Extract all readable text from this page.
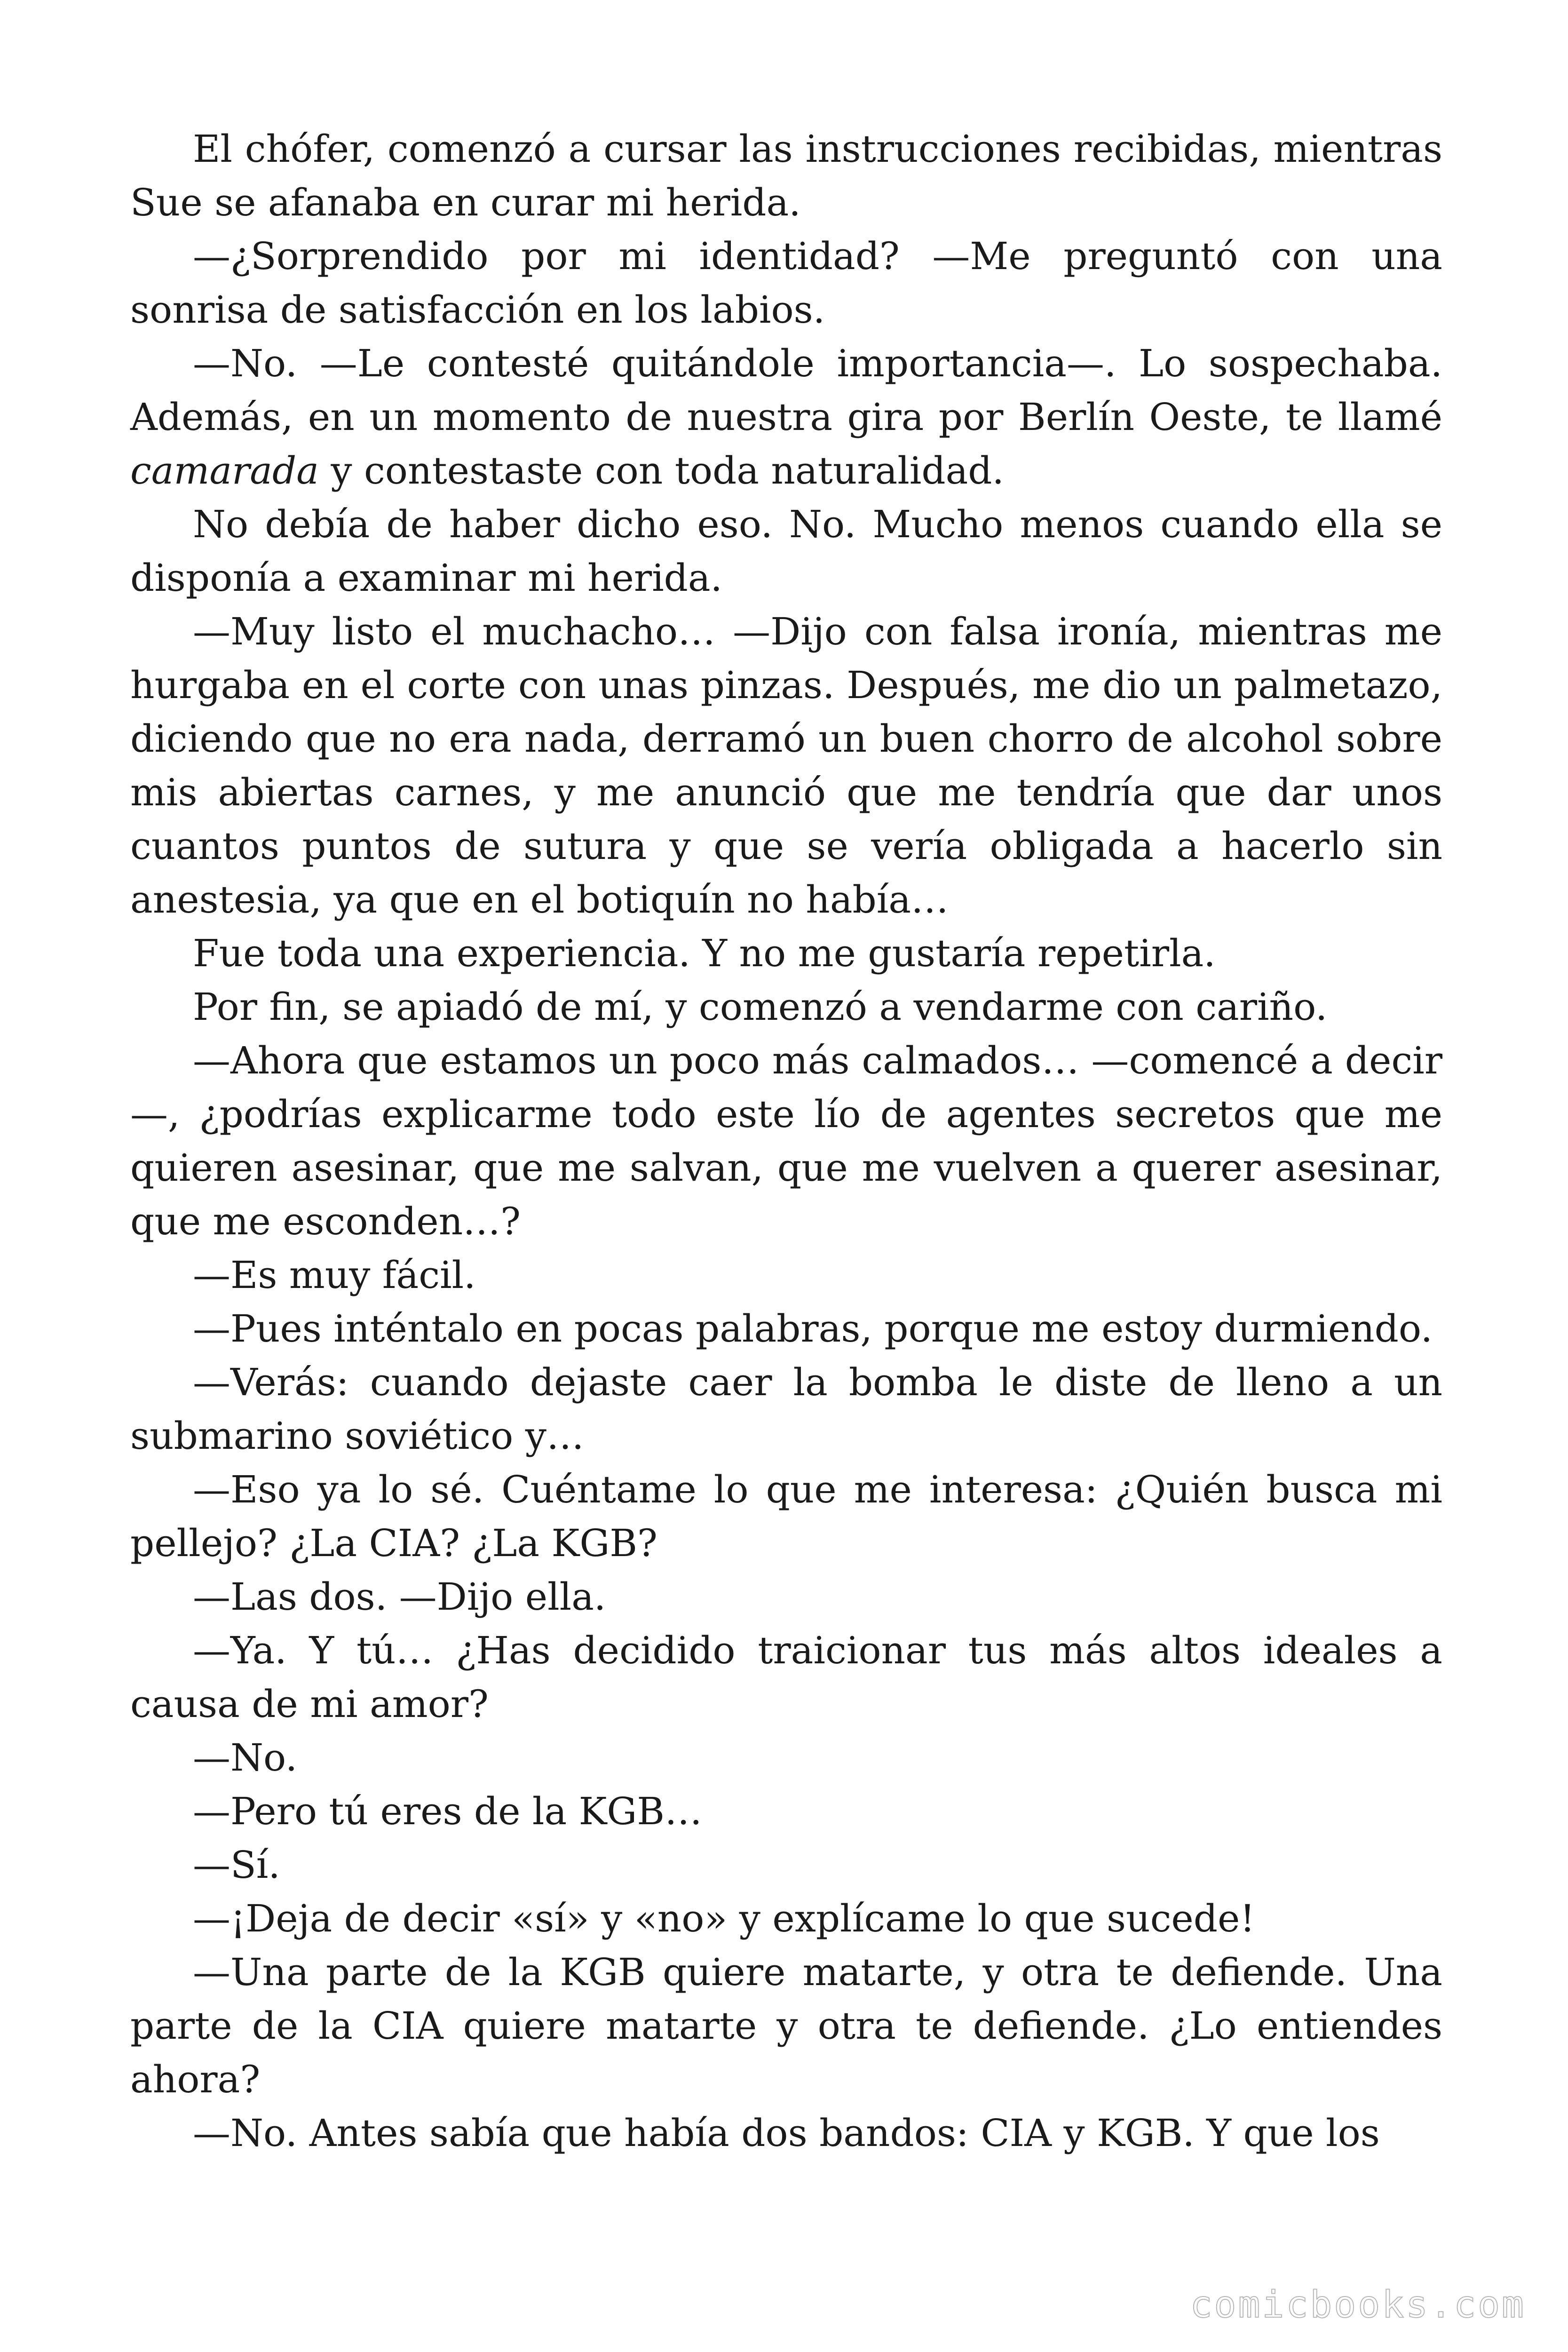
El chófer, comenzó a cursar las instrucciones recibidas, mientras Sue se afanaba en curar mi herida.

—¿Sorprendido por mi identidad? —Me preguntó con una sonrisa de satisfacción en los labios.

—No. —Le contesté quitándole importancia—. Lo sospechaba. Además, en un momento de nuestra gira por Berlín Oeste, te llamé camarada y contestaste con toda naturalidad.

No debía de haber dicho eso. No. Mucho menos cuando ella se disponía a examinar mi herida.

—Muy listo el muchacho… —Dijo con falsa ironía, mientras me hurgaba en el corte con unas pinzas. Después, me dio un palmetazo, diciendo que no era nada, derramó un buen chorro de alcohol sobre mis abiertas carnes, y me anunció que me tendría que dar unos cuantos puntos de sutura y que se vería obligada a hacerlo sin anestesia, ya que en el botiquín no había…

Fue toda una experiencia. Y no me gustaría repetirla.

Por fin, se apiadó de mí, y comenzó a vendarme con cariño.

—Ahora que estamos un poco más calmados… —comencé a decir—, ¿podrías explicarme todo este lío de agentes secretos que me quieren asesinar, que me salvan, que me vuelven a querer asesinar, que me esconden…?

—Es muy fácil.

—Pues inténtalo en pocas palabras, porque me estoy durmiendo.

—Verás: cuando dejaste caer la bomba le diste de lleno a un submarino soviético y…

—Eso ya lo sé. Cuéntame lo que me interesa: ¿Quién busca mi pellejo? ¿La CIA? ¿La KGB?

—Las dos. —Dijo ella.

—Ya. Y tú… ¿Has decidido traicionar tus más altos ideales a causa de mi amor?

—No.

—Pero tú eres de la KGB…

—Sí.

—¡Deja de decir «sí» y «no» y explícame lo que sucede!

—Una parte de la KGB quiere matarte, y otra te defiende. Una parte de la CIA quiere matarte y otra te defiende. ¿Lo entiendes ahora?

—No. Antes sabía que había dos bandos: CIA y KGB. Y que los

comicbooks.com
